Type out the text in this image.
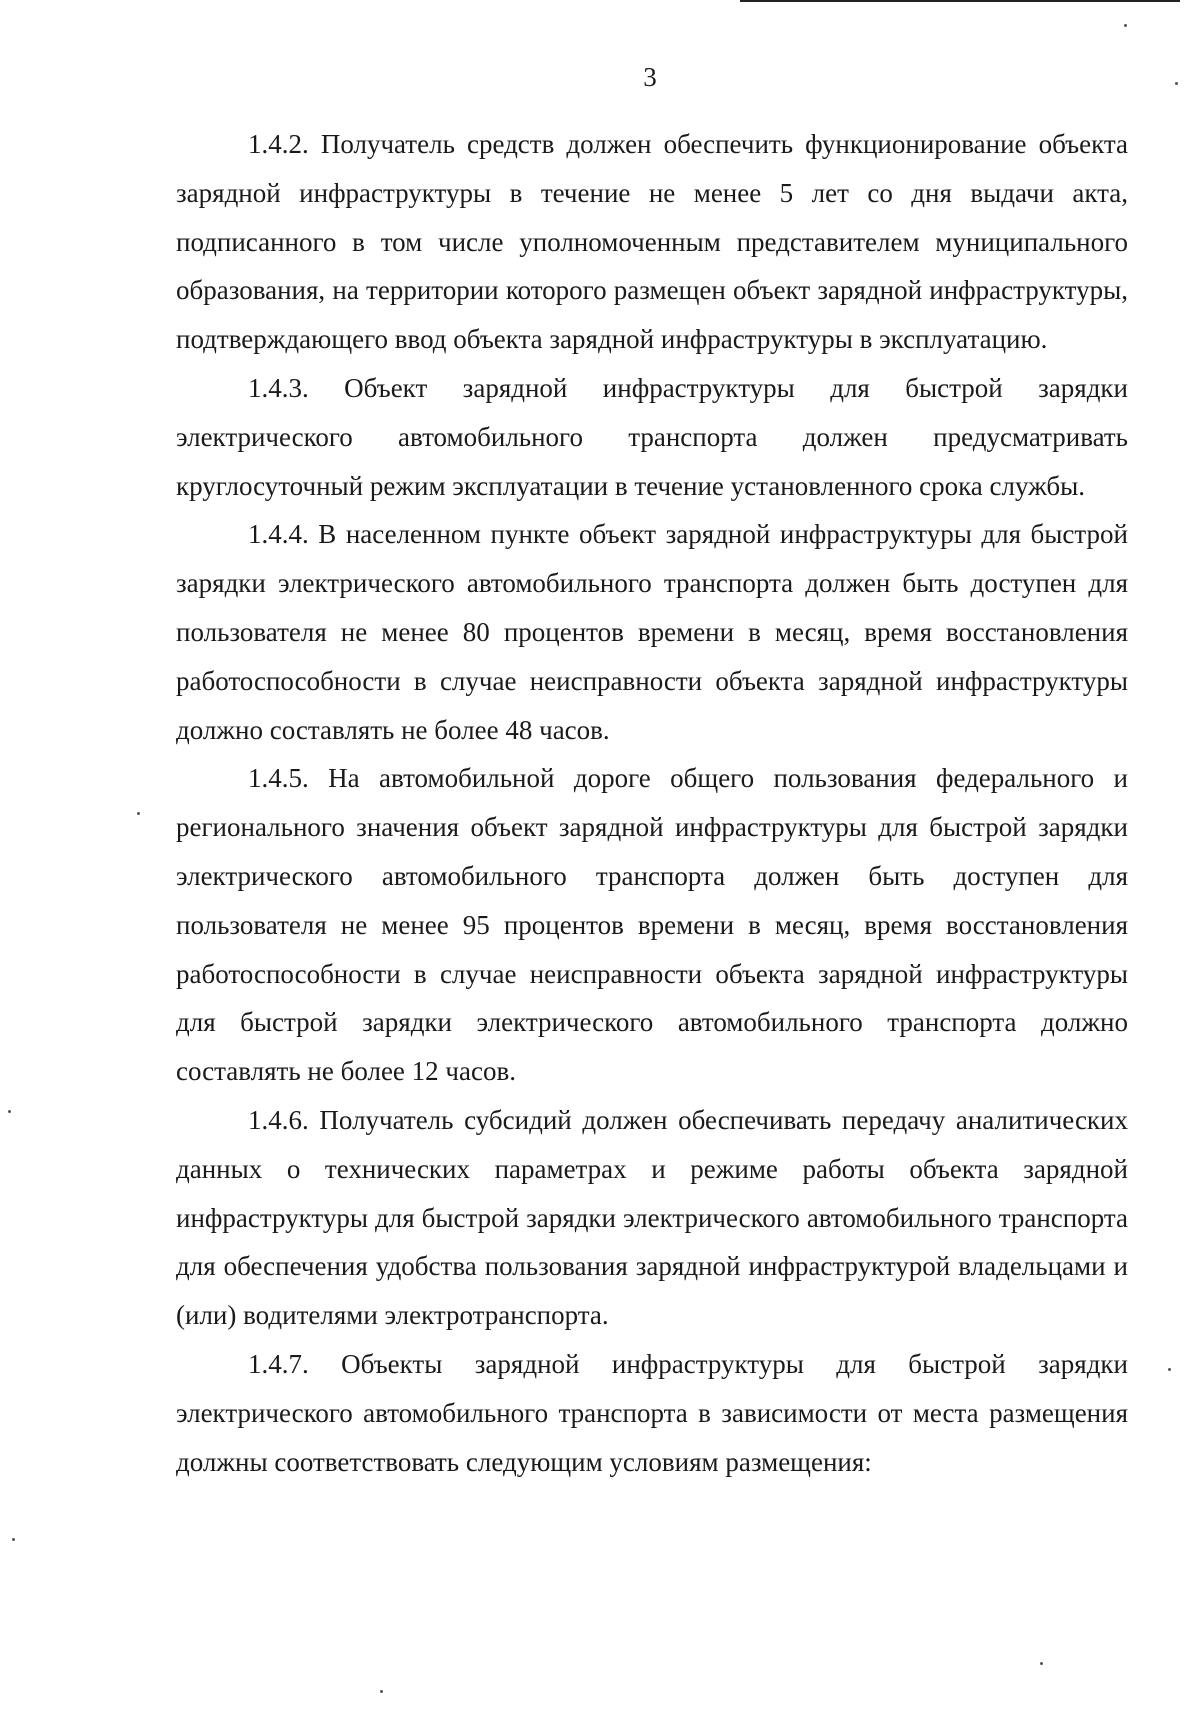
3

1.4.2. Получатель средств должен обеспечить функционирование объекта зарядной инфраструктуры в течение не менее 5 лет со дня выдачи акта, подписанного в том числе уполномоченным представителем муниципального образования, на территории которого размещен объект зарядной инфраструктуры, подтверждающего ввод объекта зарядной инфраструктуры в эксплуатацию.

1.4.3. Объект зарядной инфраструктуры для быстрой зарядки электрического автомобильного транспорта должен предусматривать круглосуточный режим эксплуатации в течение установленного срока службы.

1.4.4. В населенном пункте объект зарядной инфраструктуры для быстрой зарядки электрического автомобильного транспорта должен быть доступен для пользователя не менее 80 процентов времени в месяц, время восстановления работоспособности в случае неисправности объекта зарядной инфраструктуры должно составлять не более 48 часов.

1.4.5. На автомобильной дороге общего пользования федерального и регионального значения объект зарядной инфраструктуры для быстрой зарядки электрического автомобильного транспорта должен быть доступен для пользователя не менее 95 процентов времени в месяц, время восстановления работоспособности в случае неисправности объекта зарядной инфраструктуры для быстрой зарядки электрического автомобильного транспорта должно составлять не более 12 часов.

1.4.6. Получатель субсидий должен обеспечивать передачу аналитических данных о технических параметрах и режиме работы объекта зарядной инфраструктуры для быстрой зарядки электрического автомобильного транспорта для обеспечения удобства пользования зарядной инфраструктурой владельцами и (или) водителями электротранспорта.

1.4.7. Объекты зарядной инфраструктуры для быстрой зарядки электрического автомобильного транспорта в зависимости от места размещения должны соответствовать следующим условиям размещения:
